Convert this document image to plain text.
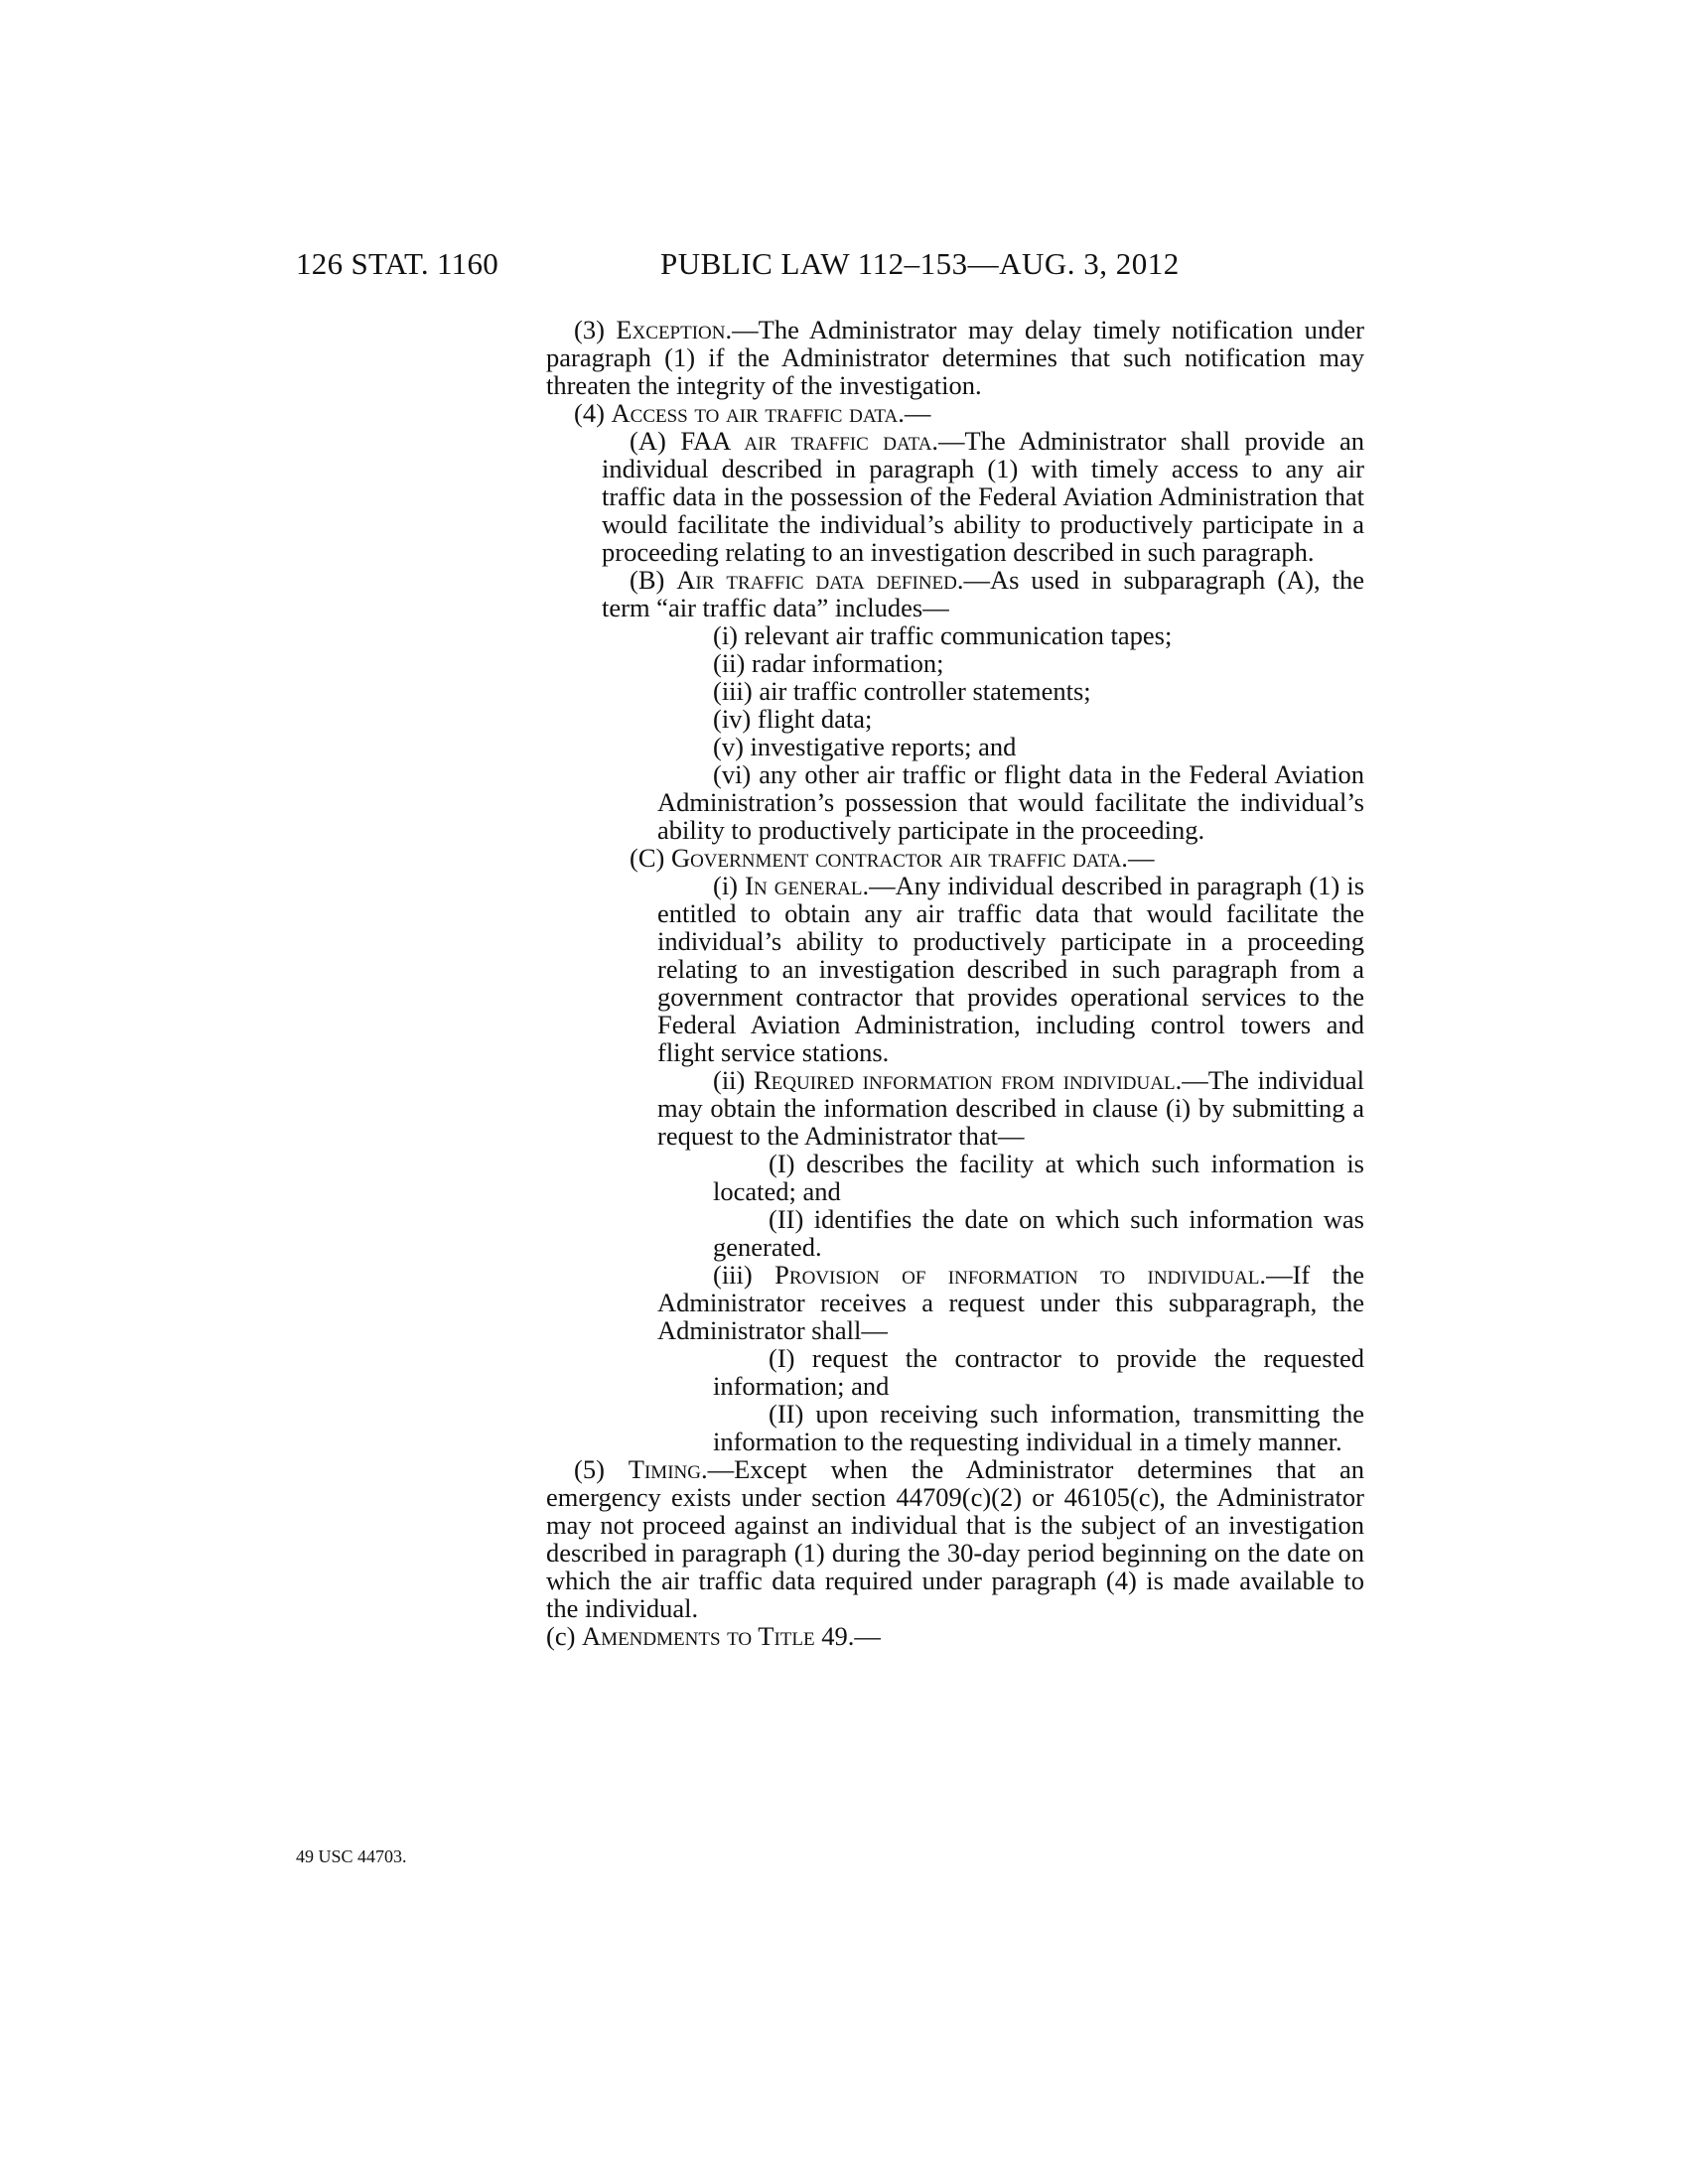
126 STAT. 1160	PUBLIC LAW 112–153—AUG. 3, 2012
49 USC 44703.

(3) Exception.—The Administrator may delay timely notification under paragraph (1) if the Administrator determines that such notification may threaten the integrity of the investigation.

(4) Access to air traffic data.—

(A) FAA air traffic data.—The Administrator shall provide an individual described in paragraph (1) with timely access to any air traffic data in the possession of the Federal Aviation Administration that would facilitate the individual’s ability to productively participate in a proceeding relating to an investigation described in such paragraph.

(B) Air traffic data defined.—As used in subparagraph (A), the term “air traffic data” includes—

(i) relevant air traffic communication tapes;

(ii) radar information;

(iii) air traffic controller statements;

(iv) flight data;

(v) investigative reports; and

(vi) any other air traffic or flight data in the Federal Aviation Administration’s possession that would facilitate the individual’s ability to productively participate in the proceeding.

(C) Government contractor air traffic data.—

(i) In general.—Any individual described in paragraph (1) is entitled to obtain any air traffic data that would facilitate the individual’s ability to productively participate in a proceeding relating to an investigation described in such paragraph from a government contractor that provides operational services to the Federal Aviation Administration, including control towers and flight service stations.

(ii) Required information from individual.—The individual may obtain the information described in clause (i) by submitting a request to the Administrator that—

(I) describes the facility at which such information is located; and

(II) identifies the date on which such information was generated.

(iii) Provision of information to individual.—If the Administrator receives a request under this subparagraph, the Administrator shall—

(I) request the contractor to provide the requested information; and

(II) upon receiving such information, transmitting the information to the requesting individual in a timely manner.

(5) Timing.—Except when the Administrator determines that an emergency exists under section 44709(c)(2) or 46105(c), the Administrator may not proceed against an individual that is the subject of an investigation described in paragraph (1) during the 30-day period beginning on the date on which the air traffic data required under paragraph (4) is made available to the individual.

(c) Amendments to Title 49.—
